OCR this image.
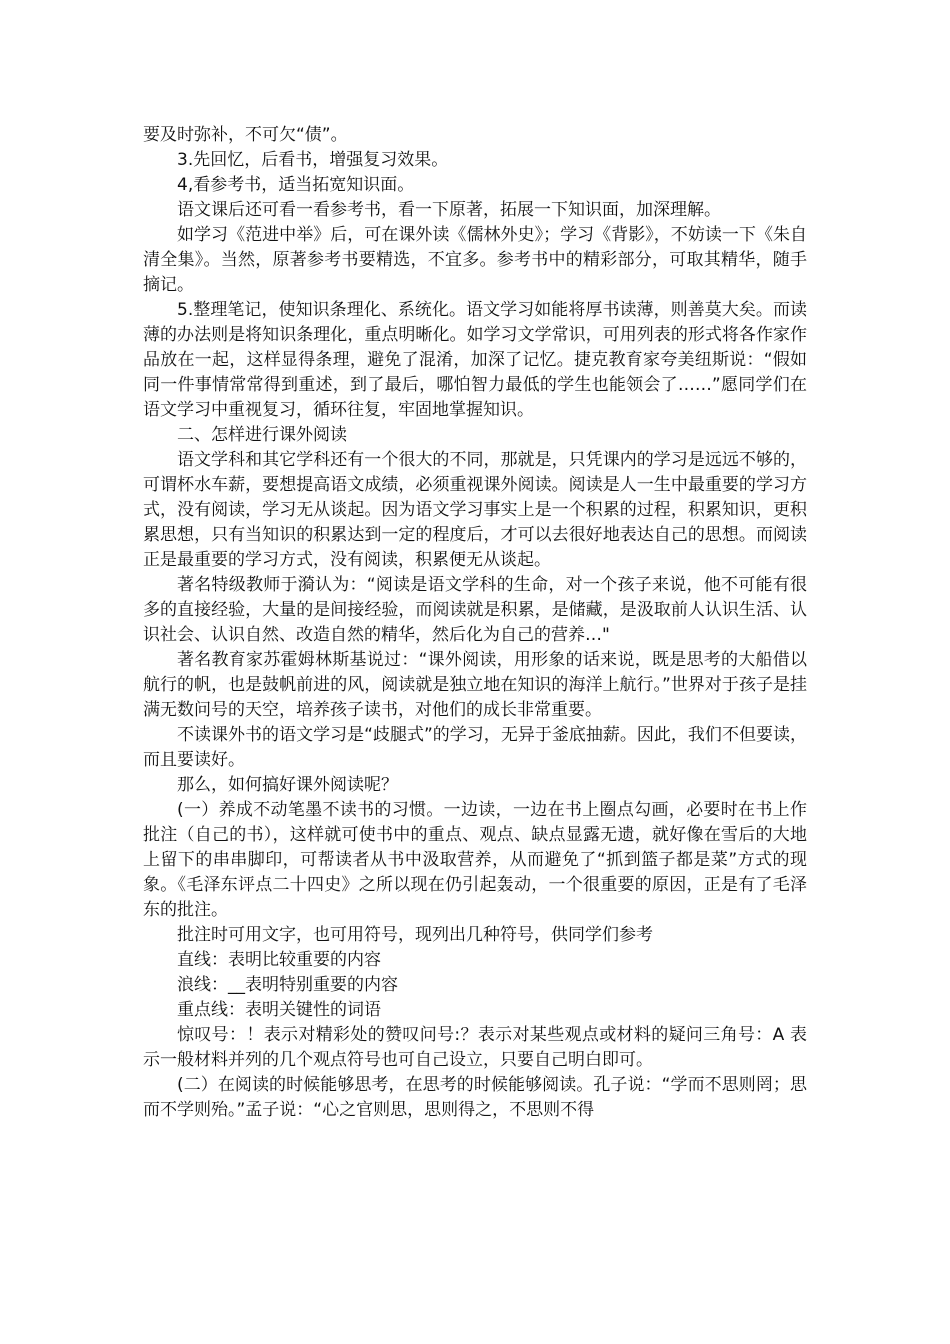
要及时弥补，不可欠“债”。

3.先回忆，后看书，增强复习效果。

4,看参考书，适当拓宽知识面。

语文课后还可看一看参考书，看一下原著，拓展一下知识面，加深理解。

如学习《范进中举》后，可在课外读《儒林外史》；学习《背影》，不妨读一下《朱自清全集》。当然，原著参考书要精选，不宜多。参考书中的精彩部分，可取其精华，随手摘记。

5.整理笔记，使知识条理化、系统化。语文学习如能将厚书读薄，则善莫大矣。而读薄的办法则是将知识条理化，重点明晰化。如学习文学常识，可用列表的形式将各作家作品放在一起，这样显得条理，避免了混淆，加深了记忆。捷克教育家夸美纽斯说：“假如同一件事情常常得到重述，到了最后，哪怕智力最低的学生也能领会了……”愿同学们在语文学习中重视复习，循环往复，牢固地掌握知识。

二、怎样进行课外阅读

语文学科和其它学科还有一个很大的不同，那就是，只凭课内的学习是远远不够的，可谓杯水车薪，要想提高语文成绩，必须重视课外阅读。阅读是人一生中最重要的学习方式，没有阅读，学习无从谈起。因为语文学习事实上是一个积累的过程，积累知识，更积累思想，只有当知识的积累达到一定的程度后，才可以去很好地表达自己的思想。而阅读正是最重要的学习方式，没有阅读，积累便无从谈起。

著名特级教师于漪认为：“阅读是语文学科的生命，对一个孩子来说，他不可能有很多的直接经验，大量的是间接经验，而阅读就是积累，是储藏，是汲取前人认识生活、认识社会、认识自然、改造自然的精华，然后化为自己的营养…"

著名教育家苏霍姆林斯基说过：“课外阅读，用形象的话来说，既是思考的大船借以航行的帆，也是鼓帆前进的风，阅读就是独立地在知识的海洋上航行。”世界对于孩子是挂满无数问号的天空，培养孩子读书，对他们的成长非常重要。

不读课外书的语文学习是“歧腿式”的学习，无异于釜底抽薪。因此，我们不但要读，而且要读好。

那么，如何搞好课外阅读呢？

(一）养成不动笔墨不读书的习惯。一边读，一边在书上圈点勾画，必要时在书上作批注（自己的书），这样就可使书中的重点、观点、缺点显露无遗，就好像在雪后的大地上留下的串串脚印，可帮读者从书中汲取营养，从而避免了“抓到篮子都是菜”方式的现象。《毛泽东评点二十四史》之所以现在仍引起轰动，一个很重要的原因，正是有了毛泽东的批注。

批注时可用文字，也可用符号，现列出几种符号，供同学们参考

直线：表明比较重要的内容

浪线：__表明特别重要的内容

重点线：表明关键性的词语

惊叹号：！表示对精彩处的赞叹问号:？表示对某些观点或材料的疑问三角号：A 表示一般材料并列的几个观点符号也可自己设立，只要自己明白即可。

(二）在阅读的时候能够思考，在思考的时候能够阅读。孔子说：“学而不思则罔；思而不学则殆。”孟子说：“心之官则思，思则得之，不思则不得
